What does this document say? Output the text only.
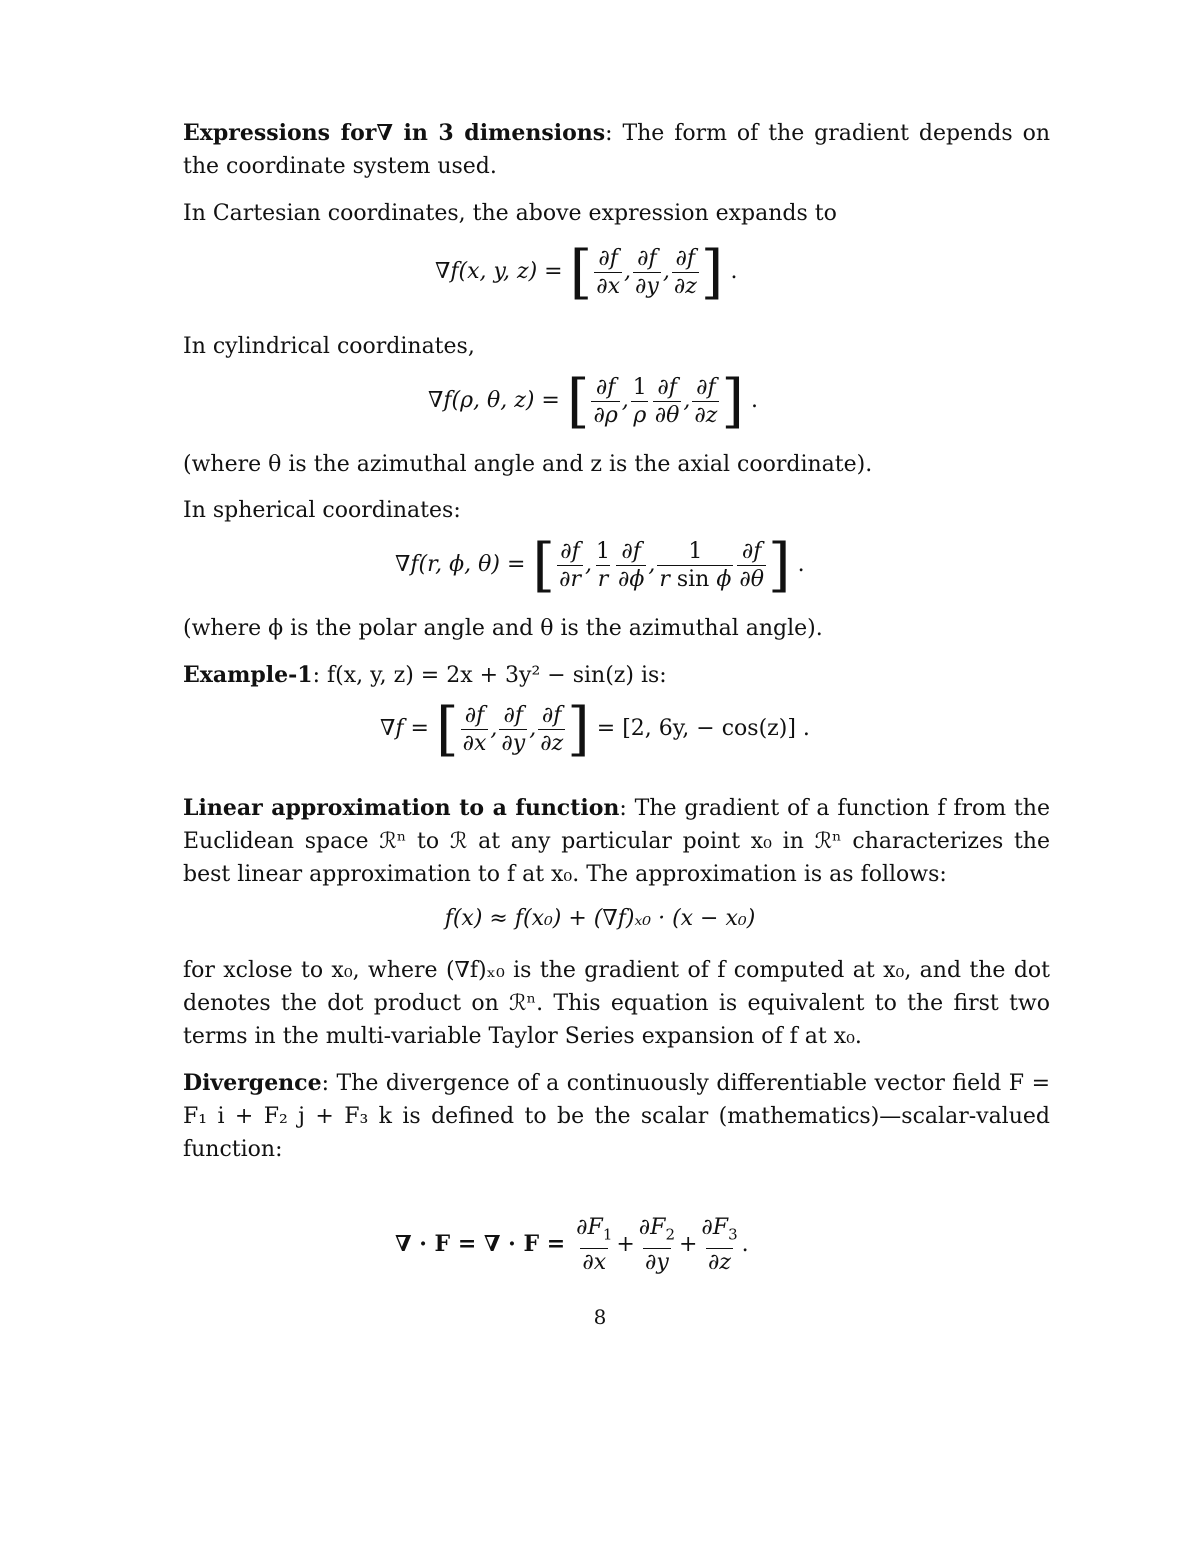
Expressions for∇ in 3 dimensions: The form of the gradient depends on the coordinate system used.
In Cartesian coordinates, the above expression expands to
∇f(x, y, z) = [ $\frac{\partial f}{\partial x}$ , $\frac{\partial f}{\partial y}$ , $\frac{\partial f}{\partial z}$ ] .
In cylindrical coordinates,
∇f(ρ, θ, z) = [ $\frac{\partial f}{\partial\rho}$ , $\frac{1}{\rho} \frac{\partial f}{\partial\theta}$ , $\frac{\partial f}{\partial z}$ ] .
(where θ is the azimuthal angle and z is the axial coordinate).
In spherical coordinates:
∇f(r, ϕ, θ) = [ $\frac{\partial f}{\partial r}$ , $\frac{1}{r} \frac{\partial f}{\partial\phi}$ , $\frac{1}{\text{r sin ϕ}} \frac{\partial f}{\partial\theta}$ ] .
(where ϕ is the polar angle and θ is the azimuthal angle).
Example-1: f(x, y, z) = 2x + 3y² − sin(z) is:
∇f = [ $\frac{\partial f}{\partial x}$ , $\frac{\partial f}{\partial y}$ , $\frac{\partial f}{\partial z}$ ] = [2, 6y, − cos(z)] .
Linear approximation to a function: The gradient of a function f from the Euclidean space ℛⁿ to ℛ at any particular point x₀ in ℛⁿ characterizes the best linear approximation to f at x₀. The approximation is as follows:
f(x) ≈ f(x₀) + (∇f)ₓ₀ · (x − x₀)
for xclose to x₀, where (∇f)ₓ₀ is the gradient of f computed at x₀, and the dot denotes the dot product on ℛⁿ. This equation is equivalent to the first two terms in the multi-variable Taylor Series expansion of f at x₀.
Divergence: The divergence of a continuously differentiable vector field F = F₁ i + F₂ j + F₃ k is defined to be the scalar (mathematics)—scalar-valued function:
∇ · F = ∇ · $F = \frac{\partial F_1}{\partial x} + \frac{\partial F_2}{\partial y} + \frac{\partial F_3}{\partial z}$ .
8
